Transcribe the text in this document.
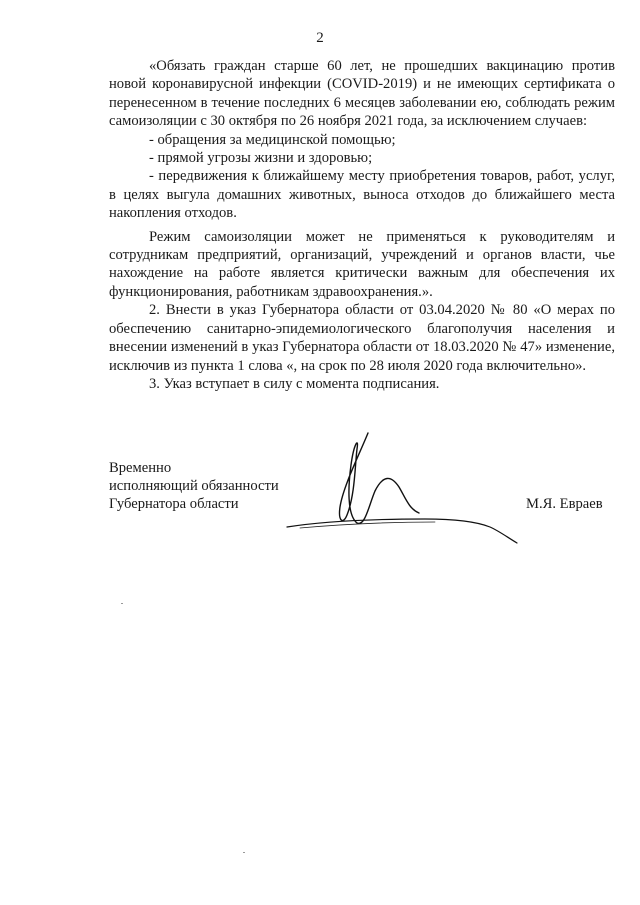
2

«Обязать граждан старше 60 лет, не прошедших вакцинацию против новой коронавирусной инфекции (COVID-2019) и не имеющих сертификата о перенесенном в течение последних 6 месяцев заболевании ею, соблюдать режим самоизоляции с 30 октября по 26 ноября 2021 года, за исключением случаев:

- обращения за медицинской помощью;

- прямой угрозы жизни и здоровью;

- передвижения к ближайшему месту приобретения товаров, работ, услуг, в целях выгула домашних животных, выноса отходов до ближайшего места накопления отходов.

Режим самоизоляции может не применяться к руководителям и сотрудникам предприятий, организаций, учреждений и органов власти, чье нахождение на работе является критически важным для обеспечения их функционирования, работникам здравоохранения.».

2. Внести в указ Губернатора области от 03.04.2020 № 80 «О мерах по обеспечению санитарно-эпидемиологического благополучия населения и внесении изменений в указ Губернатора области от 18.03.2020 № 47» изменение, исключив из пункта 1 слова «, на срок по 28 июля 2020 года включительно».

3. Указ вступает в силу с момента подписания.

Временно
исполняющий обязанности
Губернатора области	М.Я. Евраев
